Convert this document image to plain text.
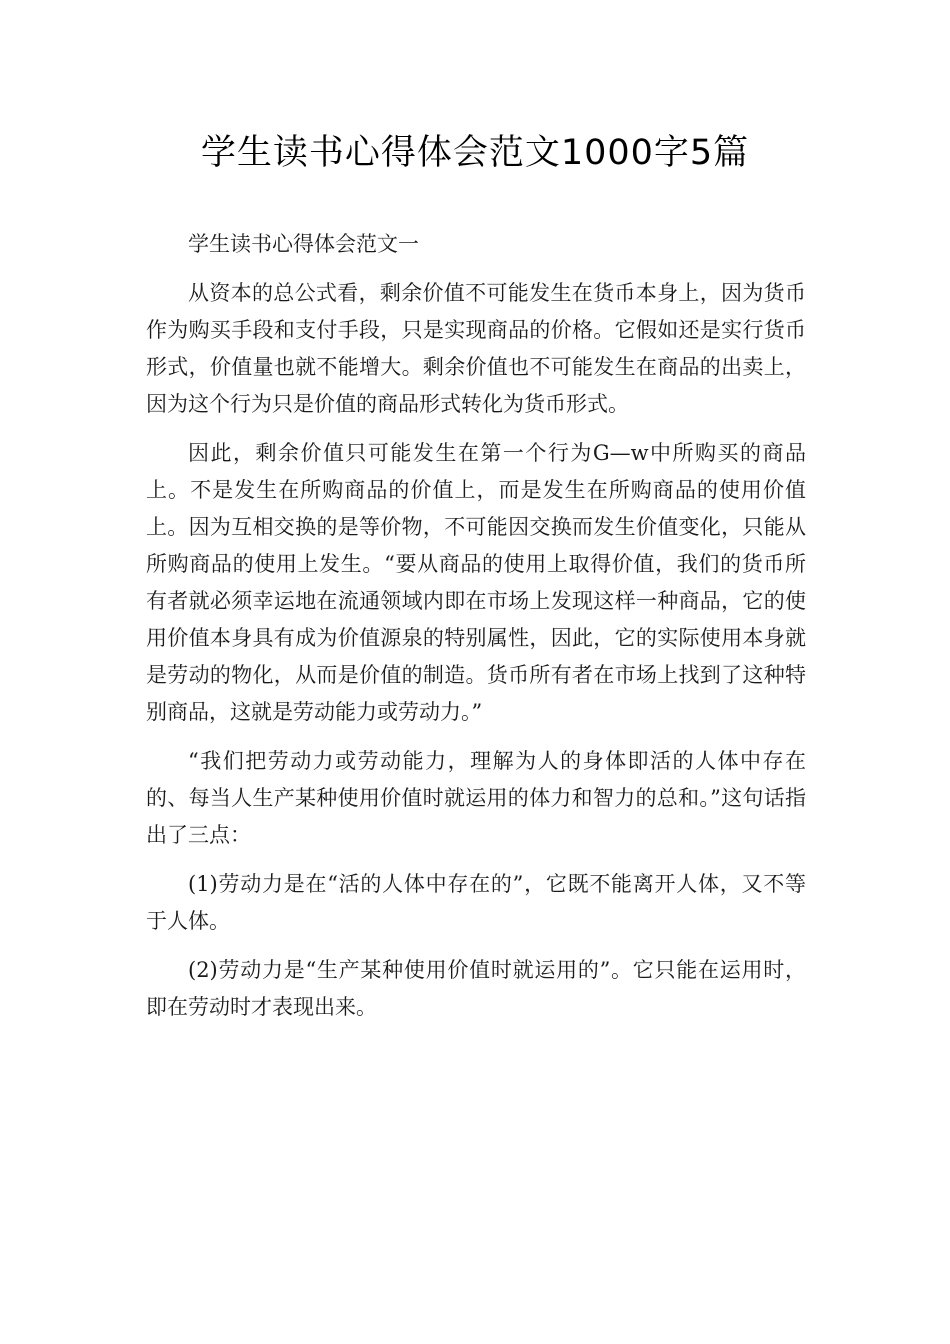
学生读书心得体会范文1000字5篇

学生读书心得体会范文一

从资本的总公式看，剩余价值不可能发生在货币本身上，因为货币作为购买手段和支付手段，只是实现商品的价格。它假如还是实行货币形式，价值量也就不能增大。剩余价值也不可能发生在商品的出卖上，因为这个行为只是价值的商品形式转化为货币形式。

因此，剩余价值只可能发生在第一个行为G—w中所购买的商品上。不是发生在所购商品的价值上，而是发生在所购商品的使用价值上。因为互相交换的是等价物，不可能因交换而发生价值变化，只能从所购商品的使用上发生。“要从商品的使用上取得价值，我们的货币所有者就必须幸运地在流通领域内即在市场上发现这样一种商品，它的使用价值本身具有成为价值源泉的特别属性，因此，它的实际使用本身就是劳动的物化，从而是价值的制造。货币所有者在市场上找到了这种特别商品，这就是劳动能力或劳动力。”

“我们把劳动力或劳动能力，理解为人的身体即活的人体中存在的、每当人生产某种使用价值时就运用的体力和智力的总和。”这句话指出了三点：

(1)劳动力是在“活的人体中存在的”，它既不能离开人体，又不等于人体。

(2)劳动力是“生产某种使用价值时就运用的”。它只能在运用时，即在劳动时才表现出来。
